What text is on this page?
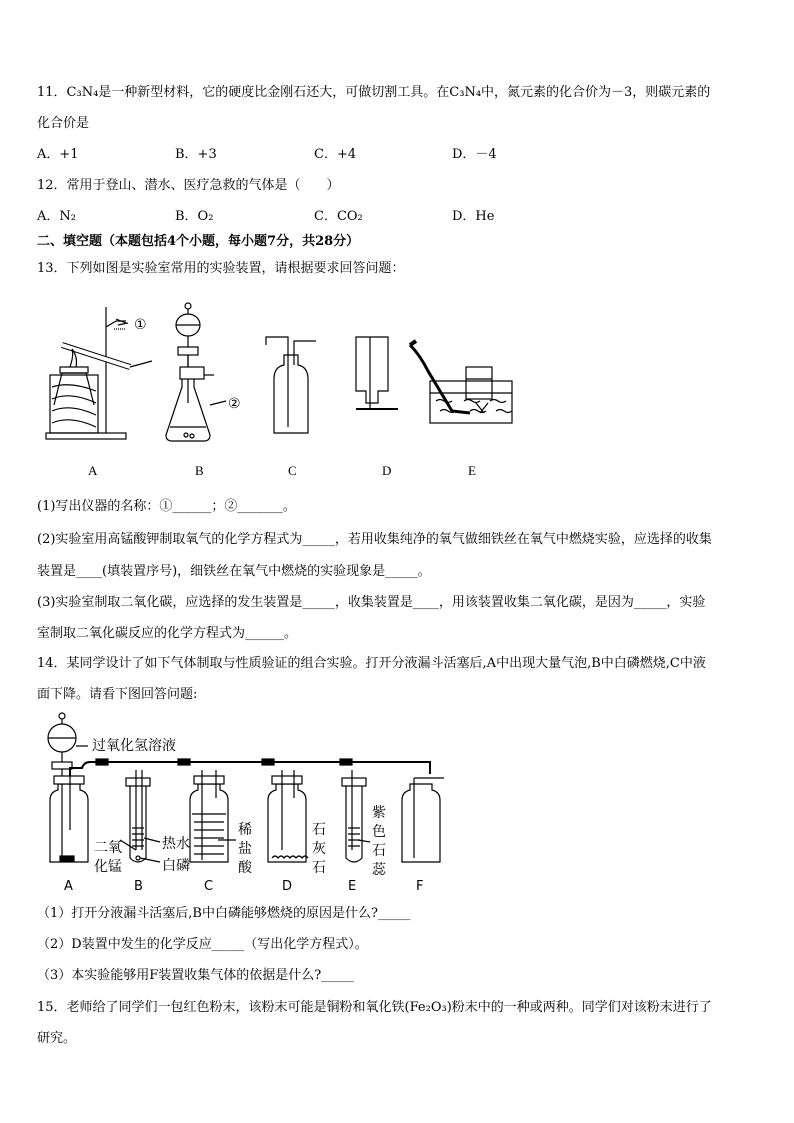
11．C₃N₄是一种新型材料，它的硬度比金刚石还大，可做切割工具。在C₃N₄中，氮元素的化合价为－3，则碳元素的
化合价是
A．+1	B．+3	C．+4	D．－4
12．常用于登山、潜水、医疗急救的气体是（　　）
A．N₂	B．O₂	C．CO₂	D．He
二、填空题（本题包括4个小题，每小题7分，共28分）
13．下列如图是实验室常用的实验装置，请根据要求回答问题：
①
②
A	B	C	D	E
(1)写出仪器的名称：①______；②_______。
(2)实验室用高锰酸钾制取氧气的化学方程式为_____，若用收集纯净的氧气做细铁丝在氧气中燃烧实验，应选择的收集
装置是____(填装置序号)，细铁丝在氧气中燃烧的实验现象是_____。
(3)实验室制取二氧化碳，应选择的发生装置是_____，收集装置是____，用该装置收集二氧化碳，是因为_____，实验
室制取二氧化碳反应的化学方程式为______。
14．某同学设计了如下气体制取与性质验证的组合实验。打开分液漏斗活塞后,A中出现大量气泡,B中白磷燃烧,C中液
面下降。请看下图回答问题:
过氧化氢溶液
二氧
化锰
热水
白磷
稀
盐
酸
石
灰
石
紫
色
石
蕊
A	B	C	D	E	F
（1）打开分液漏斗活塞后,B中白磷能够燃烧的原因是什么?_____
（2）D装置中发生的化学反应_____（写出化学方程式）。
（3）本实验能够用F装置收集气体的依据是什么?_____
15．老师给了同学们一包红色粉末，该粉末可能是铜粉和氧化铁(Fe₂O₃)粉末中的一种或两种。同学们对该粉末进行了
研究。
